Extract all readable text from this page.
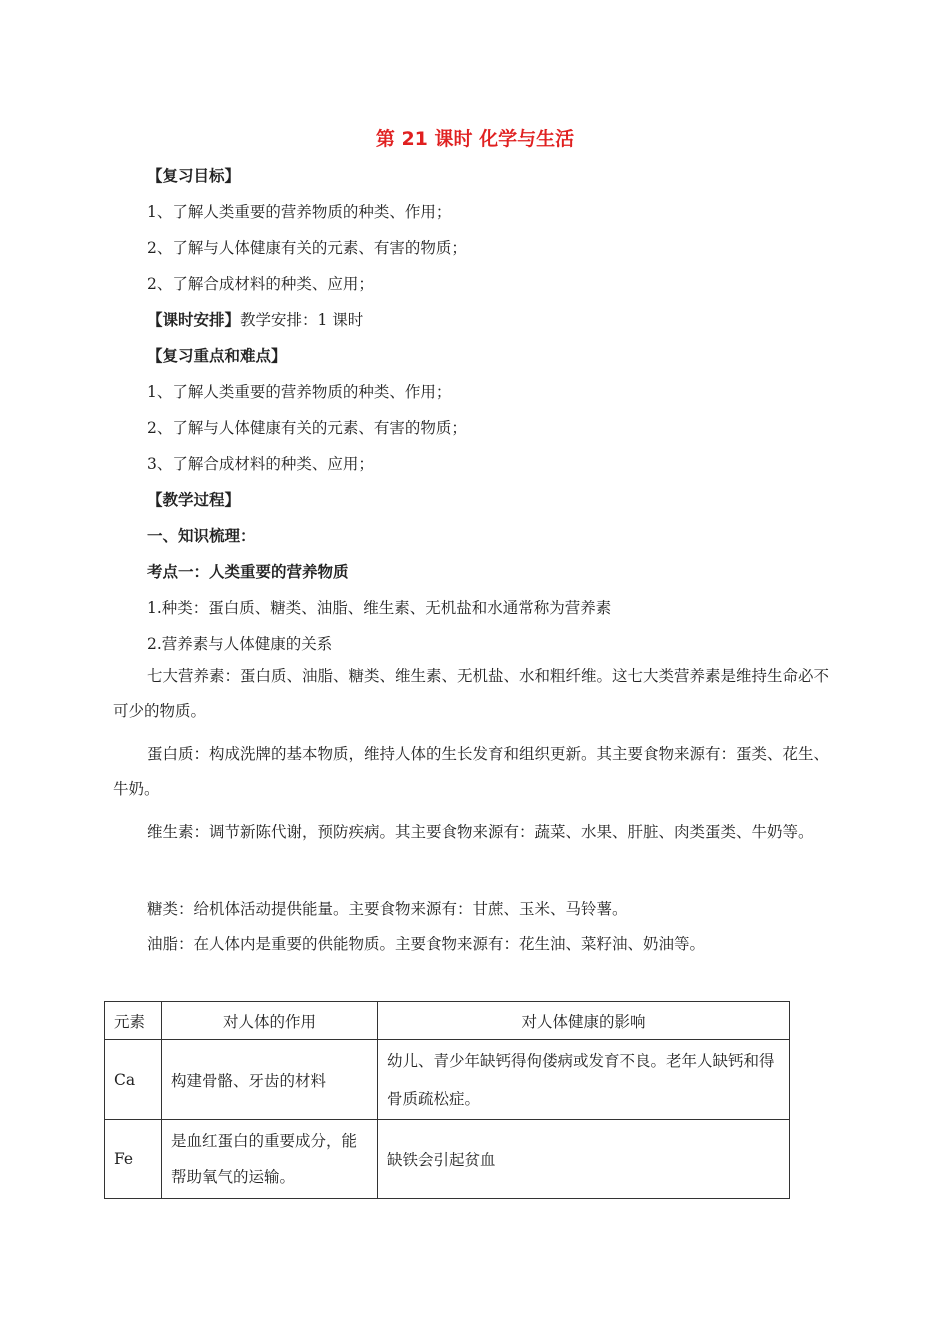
第 21 课时 化学与生活
【复习目标】
1、了解人类重要的营养物质的种类、作用；
2、了解与人体健康有关的元素、有害的物质；
2、了解合成材料的种类、应用；
【课时安排】教学安排：1 课时
【复习重点和难点】
1、了解人类重要的营养物质的种类、作用；
2、了解与人体健康有关的元素、有害的物质；
3、了解合成材料的种类、应用；
【教学过程】
一、知识梳理：
考点一：人类重要的营养物质
1.种类：蛋白质、糖类、油脂、维生素、无机盐和水通常称为营养素
2.营养素与人体健康的关系
七大营养素：蛋白质、油脂、糖类、维生素、无机盐、水和粗纤维。这七大类营养素是维持生命必不可少的物质。
蛋白质：构成洗牌的基本物质，维持人体的生长发育和组织更新。其主要食物来源有：蛋类、花生、牛奶。
维生素：调节新陈代谢，预防疾病。其主要食物来源有：蔬菜、水果、肝脏、肉类蛋类、牛奶等。
糖类：给机体活动提供能量。主要食物来源有：甘蔗、玉米、马铃薯。
油脂：在人体内是重要的供能物质。主要食物来源有：花生油、菜籽油、奶油等。
元素	对人体的作用	对人体健康的影响
Ca	构建骨骼、牙齿的材料	幼儿、青少年缺钙得佝偻病或发育不良。老年人缺钙和得骨质疏松症。
Fe	是血红蛋白的重要成分，能帮助氧气的运输。	缺铁会引起贫血
